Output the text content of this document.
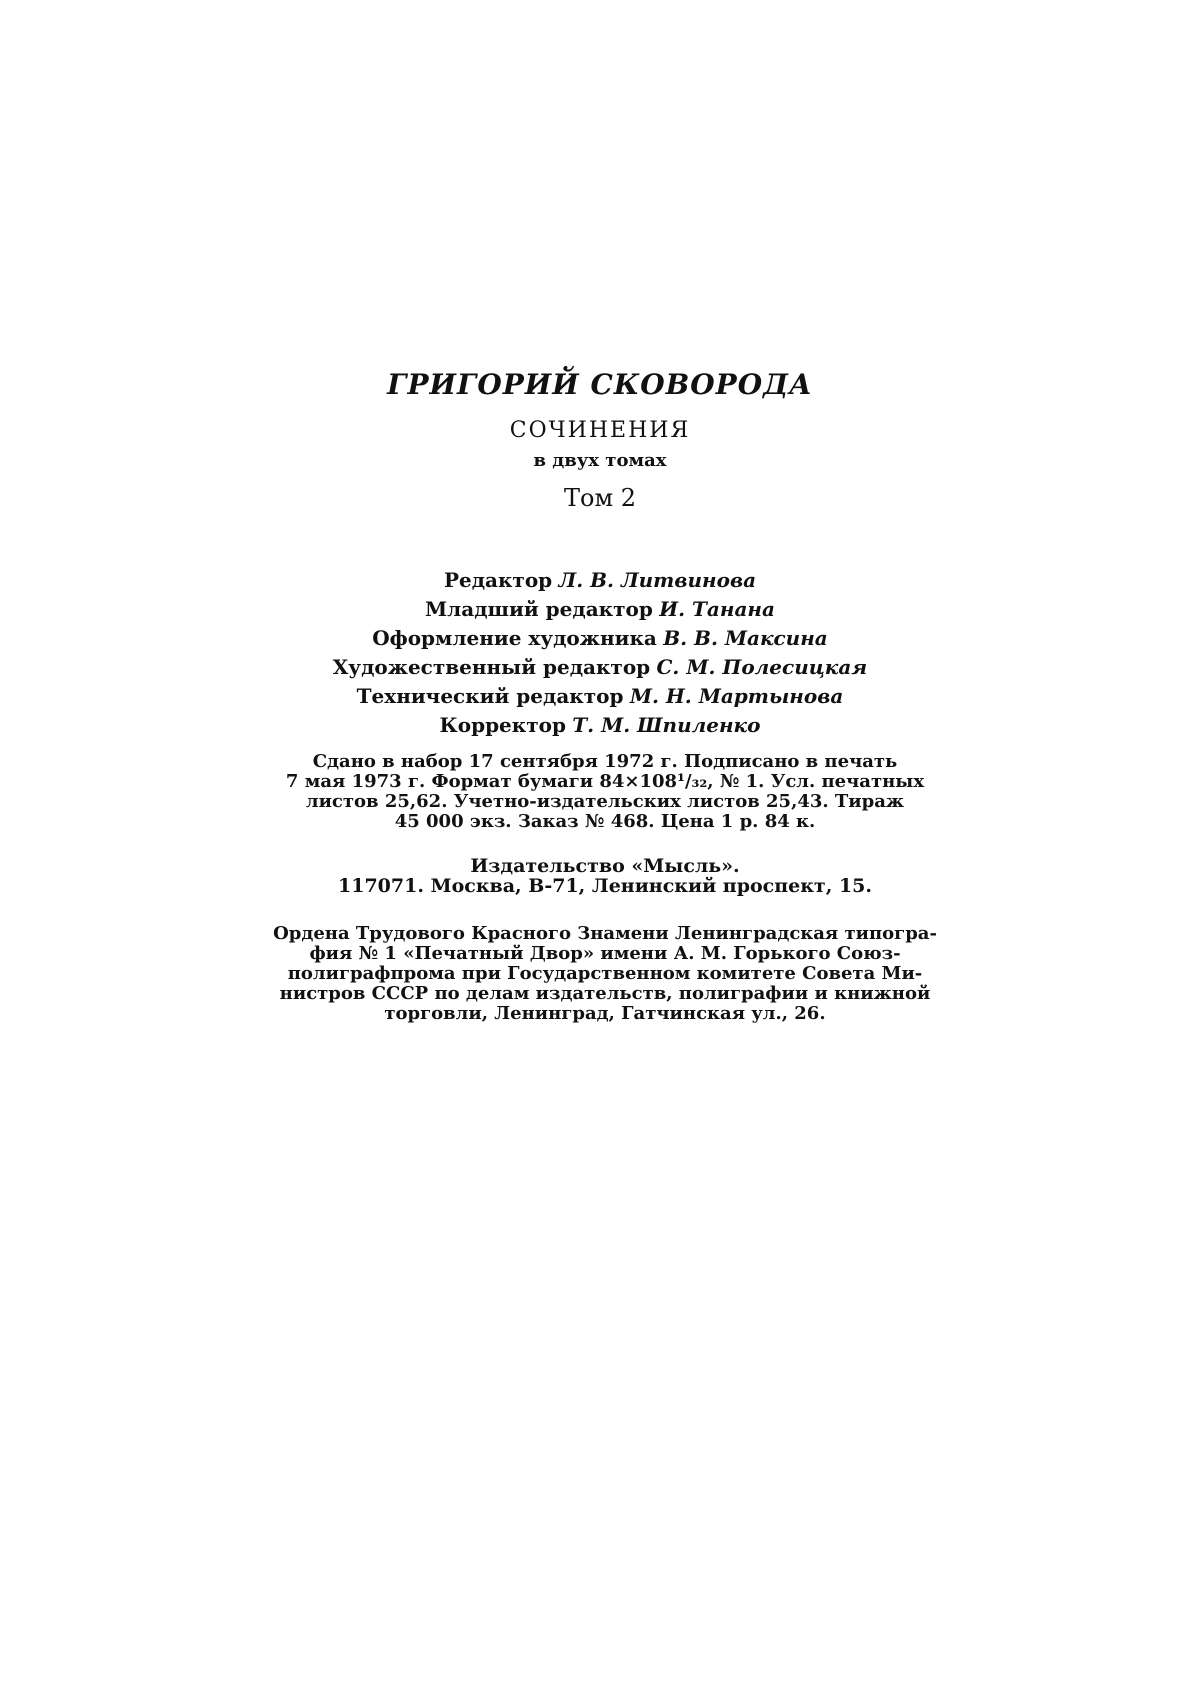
ГРИГОРИЙ СКОВОРОДА
СОЧИНЕНИЯ
в двух томах
Том 2
Редактор Л. В. Литвинова
Младший редактор И. Танана
Оформление художника В. В. Максина
Художественный редактор С. М. Полесицкая
Технический редактор М. Н. Мартынова
Корректор Т. М. Шпиленко
Сдано в набор 17 сентября 1972 г. Подписано в печать
7 мая 1973 г. Формат бумаги 84×108¹/₃₂, № 1. Усл. печатных
листов 25,62. Учетно-издательских листов 25,43. Тираж
45 000 экз. Заказ № 468. Цена 1 р. 84 к.
Издательство «Мысль».
117071. Москва, В-71, Ленинский проспект, 15.
Ордена Трудового Красного Знамени Ленинградская типогра-
фия № 1 «Печатный Двор» имени А. М. Горького Союз-
полиграфпрома при Государственном комитете Совета Ми-
нистров СССР по делам издательств, полиграфии и книжной
торговли, Ленинград, Гатчинская ул., 26.
